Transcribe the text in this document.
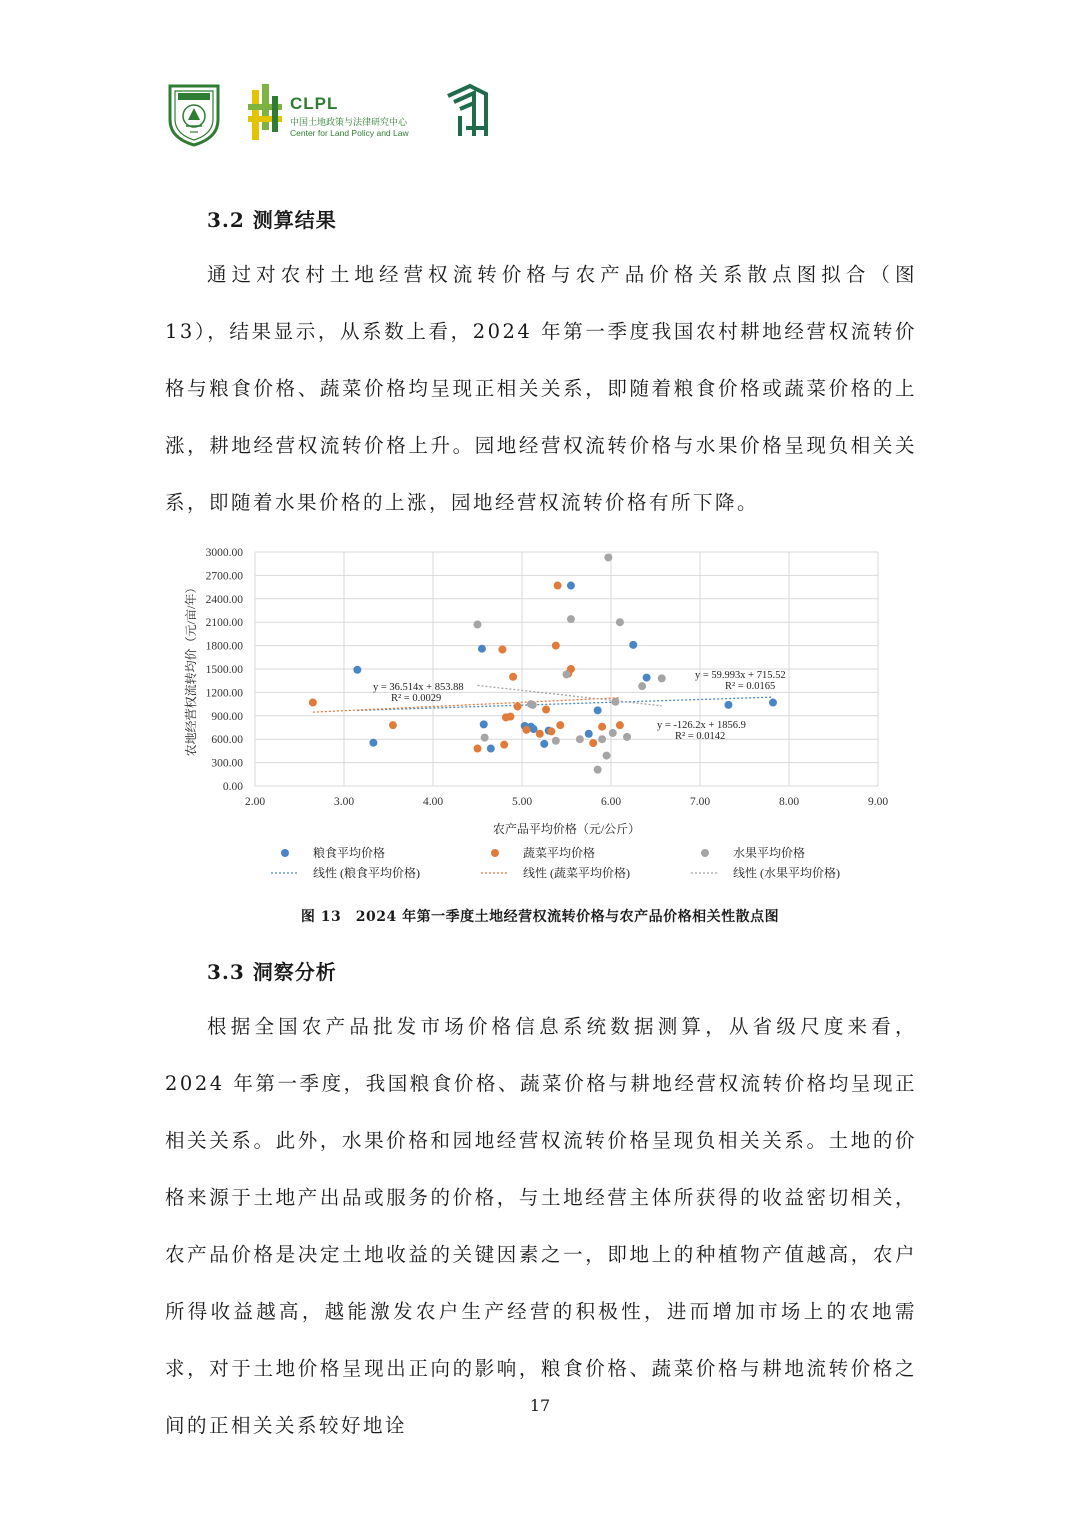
CLPL
中国土地政策与法律研究中心
Center for Land Policy and Law
3.2 测算结果
通过对农村土地经营权流转价格与农产品价格关系散点图拟合（图 13），结果显示，从系数上看，2024 年第一季度我国农村耕地经营权流转价格与粮食价格、蔬菜价格均呈现正相关关系，即随着粮食价格或蔬菜价格的上涨，耕地经营权流转价格上升。园地经营权流转价格与水果价格呈现负相关关系，即随着水果价格的上涨，园地经营权流转价格有所下降。
2.00	3.00	4.00	5.00	6.00	7.00	8.00	9.00
0.00
300.00
600.00
900.00
1200.00
1500.00
1800.00
2100.00
2400.00
2700.00
3000.00
农产品平均价格（元/公斤）
农地经营权流转均价（元/亩/年）	y = 36.514x + 853.88
R² = 0.0029
y = 59.993x + 715.52
R² = 0.0165
y = -126.2x + 1856.9
R² = 0.0142
粮食平均价格	蔬菜平均价格	水果平均价格
线性 (粮食平均价格)	线性 (蔬菜平均价格)	线性 (水果平均价格)
图 13　2024 年第一季度土地经营权流转价格与农产品价格相关性散点图
3.3 洞察分析
根据全国农产品批发市场价格信息系统数据测算，从省级尺度来看，2024 年第一季度，我国粮食价格、蔬菜价格与耕地经营权流转价格均呈现正相关关系。此外，水果价格和园地经营权流转价格呈现负相关关系。土地的价格来源于土地产出品或服务的价格，与土地经营主体所获得的收益密切相关，农产品价格是决定土地收益的关键因素之一，即地上的种植物产值越高，农户所得收益越高，越能激发农户生产经营的积极性，进而增加市场上的农地需求，对于土地价格呈现出正向的影响，粮食价格、蔬菜价格与耕地流转价格之间的正相关关系较好地诠
17
